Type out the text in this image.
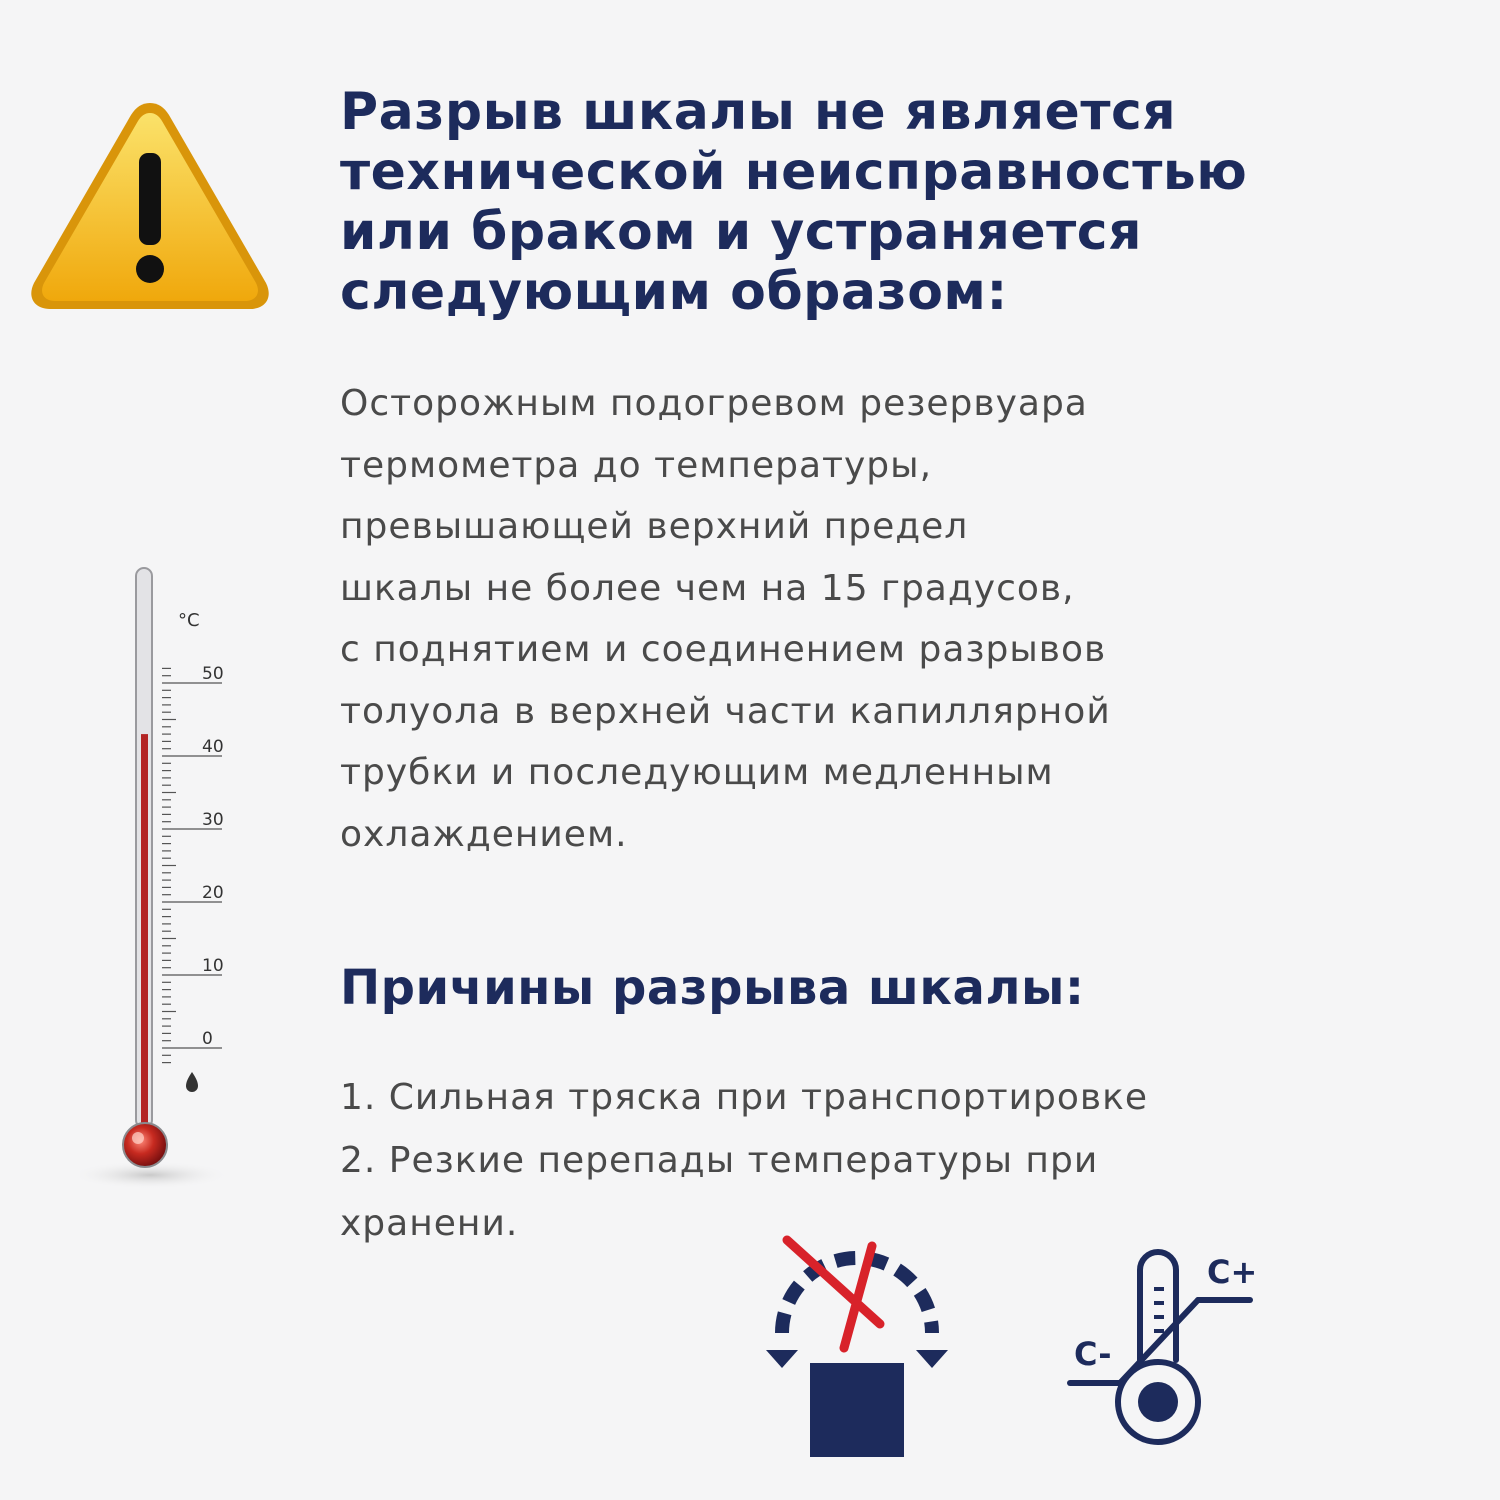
Разрыв шкалы не является
технической неисправностью
или браком и устраняется
следующим образом:

Осторожным подогревом резервуара
термометра до температуры,
превышающей верхний предел
шкалы не более чем на 15 градусов,
с поднятием и соединением разрывов
толуола в верхней части капиллярной
трубки и последующим медленным
охлаждением.

°C
50
40
30
20
10
0
Причины разрыва шкалы:
1. Сильная тряска при транспортировке
2. Резкие перепады температуры при
хранени.
C+
C-
